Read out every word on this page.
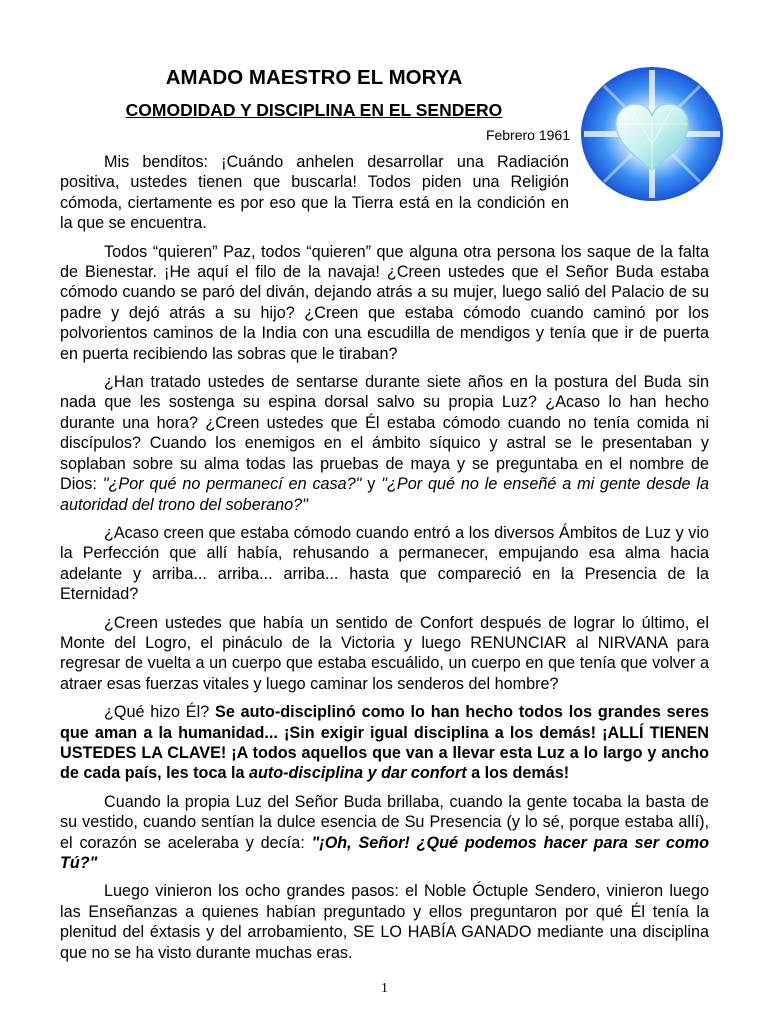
AMADO MAESTRO EL MORYA
COMODIDAD Y DISCIPLINA EN EL SENDERO
Febrero 1961

Mis benditos: ¡Cuándo anhelen desarrollar una Radiación positiva, ustedes tienen que buscarla! Todos piden una Religión cómoda, ciertamente es por eso que la Tierra está en la condición en la que se encuentra.

Todos “quieren” Paz, todos “quieren” que alguna otra persona los saque de la falta de Bienestar. ¡He aquí el filo de la navaja! ¿Creen ustedes que el Señor Buda estaba cómodo cuando se paró del diván, dejando atrás a su mujer, luego salió del Palacio de su padre y dejó atrás a su hijo? ¿Creen que estaba cómodo cuando caminó por los polvorientos caminos de la India con una escudilla de mendigos y tenía que ir de puerta en puerta recibiendo las sobras que le tiraban?

¿Han tratado ustedes de sentarse durante siete años en la postura del Buda sin nada que les sostenga su espina dorsal salvo su propia Luz? ¿Acaso lo han hecho durante una hora? ¿Creen ustedes que Él estaba cómodo cuando no tenía comida ni discípulos? Cuando los enemigos en el ámbito síquico y astral se le presentaban y soplaban sobre su alma todas las pruebas de maya y se preguntaba en el nombre de Dios: "¿Por qué no permanecí en casa?" y "¿Por qué no le enseñé a mi gente desde la autoridad del trono del soberano?"

¿Acaso creen que estaba cómodo cuando entró a los diversos Ámbitos de Luz y vio la Perfección que allí había, rehusando a permanecer, empujando esa alma hacia adelante y arriba... arriba... arriba... hasta que compareció en la Presencia de la Eternidad?

¿Creen ustedes que había un sentido de Confort después de lograr lo último, el Monte del Logro, el pináculo de la Victoria y luego RENUNCIAR al NIRVANA para regresar de vuelta a un cuerpo que estaba escuálido, un cuerpo en que tenía que volver a atraer esas fuerzas vitales y luego caminar los senderos del hombre?

¿Qué hizo Él? Se auto-disciplinó como lo han hecho todos los grandes seres que aman a la humanidad... ¡Sin exigir igual disciplina a los demás! ¡ALLÍ TIENEN USTEDES LA CLAVE! ¡A todos aquellos que van a llevar esta Luz a lo largo y ancho de cada país, les toca la auto-disciplina y dar confort a los demás!

Cuando la propia Luz del Señor Buda brillaba, cuando la gente tocaba la basta de su vestido, cuando sentían la dulce esencia de Su Presencia (y lo sé, porque estaba allí), el corazón se aceleraba y decía: "¡Oh, Señor! ¿Qué podemos hacer para ser como Tú?"

Luego vinieron los ocho grandes pasos: el Noble Óctuple Sendero, vinieron luego las Enseñanzas a quienes habían preguntado y ellos preguntaron por qué Él tenía la plenitud del éxtasis y del arrobamiento, SE LO HABÍA GANADO mediante una disciplina que no se ha visto durante muchas eras.

1
